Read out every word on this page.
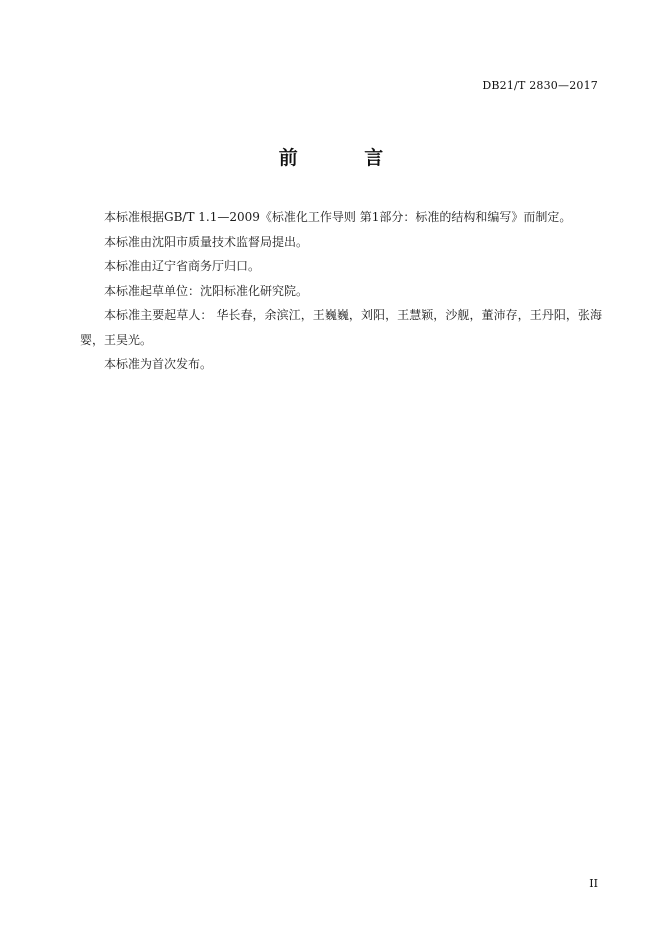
DB21/T 2830—2017
前 言

本标准根据GB/T 1.1—2009《标准化工作导则 第1部分：标准的结构和编写》而制定。

本标准由沈阳市质量技术监督局提出。

本标准由辽宁省商务厅归口。

本标准起草单位：沈阳标准化研究院。

本标准主要起草人： 华长春，余滨江，王巍巍，刘阳，王慧颖，沙舰，董沛存，王丹阳，张海婴，王昊光。

本标准为首次发布。

II
